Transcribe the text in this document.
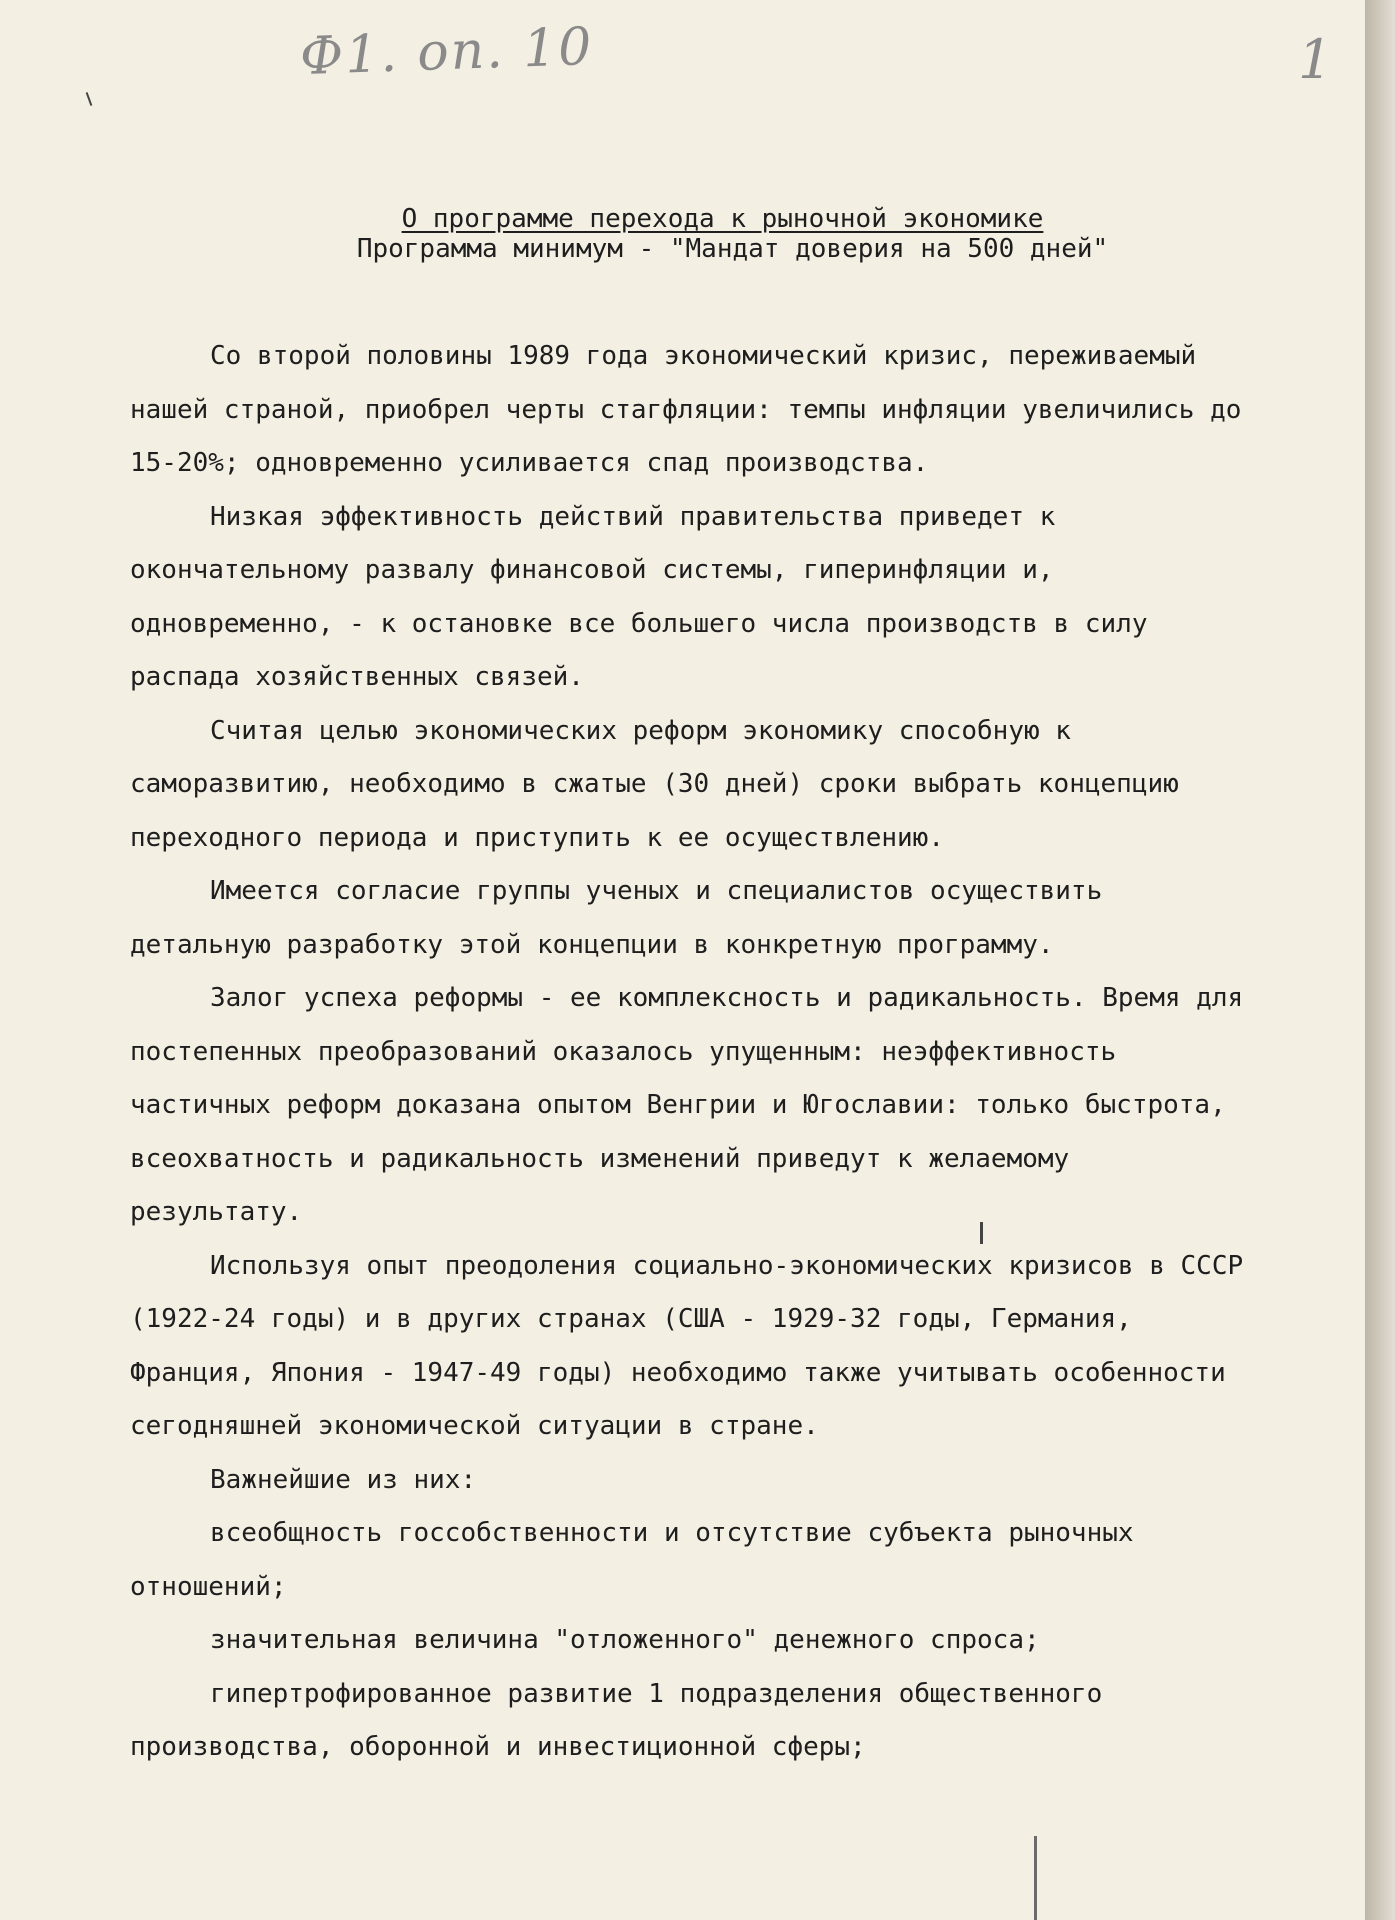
Ф1. оп. 10	1
О программе перехода к рыночной экономике
Программа минимум - "Мандат доверия на 500 дней"

Со второй половины 1989 года экономический кризис, переживаемый нашей страной, приобрел черты стагфляции: темпы инфляции увеличились до 15-20%; одновременно усиливается спад производства.

Низкая эффективность действий правительства приведет к окончательному развалу финансовой системы, гиперинфляции и, одновременно, - к остановке все большего числа производств в силу распада хозяйственных связей.

Считая целью экономических реформ экономику способную к саморазвитию, необходимо в сжатые (30 дней) сроки выбрать концепцию переходного периода и приступить к ее осуществлению.

Имеется согласие группы ученых и специалистов осуществить детальную разработку этой концепции в конкретную программу.

Залог успеха реформы - ее комплексность и радикальность. Время для постепенных преобразований оказалось упущенным: неэффективность частичных реформ доказана опытом Венгрии и Югославии: только быстрота, всеохватность и радикальность изменений приведут к желаемому результату.

Используя опыт преодоления социально-экономических кризисов в СССР (1922-24 годы) и в других странах (США - 1929-32 годы, Германия, Франция, Япония - 1947-49 годы) необходимо также учитывать особенности сегодняшней экономической ситуации в стране.

Важнейшие из них:

всеобщность госсобственности и отсутствие субъекта рыночных отношений;

значительная величина "отложенного" денежного спроса;

гипертрофированное развитие 1 подразделения общественного производства, оборонной и инвестиционной сферы;
